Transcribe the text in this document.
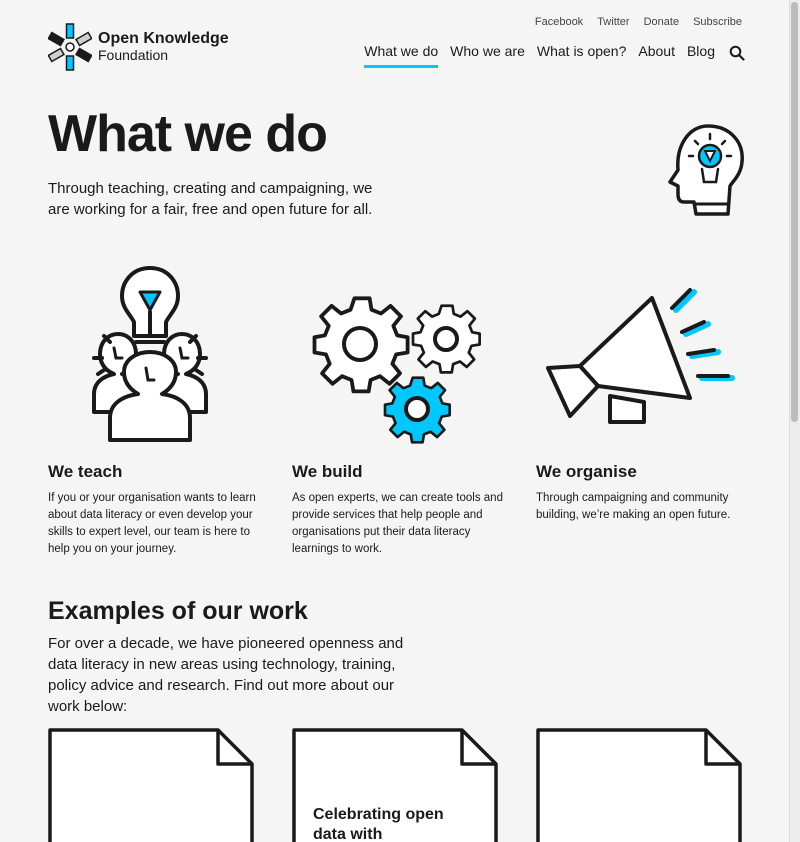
Open Knowledge
Foundation
Facebook Twitter Donate Subscribe
What we do Who we are What is open? About Blog
What we do

Through teaching, creating and campaigning, we are working for a fair, free and open future for all.

We teach

If you or your organisation wants to learn about data literacy or even develop your skills to expert level, our team is here to help you on your journey.

We build

As open experts, we can create tools and provide services that help people and organisations put their data literacy learnings to work.

We organise

Through campaigning and community building, we’re making an open future.

Examples of our work

For over a decade, we have pioneered openness and data literacy in new areas using technology, training, policy advice and research. Find out more about our work below:

Celebrating open data with
